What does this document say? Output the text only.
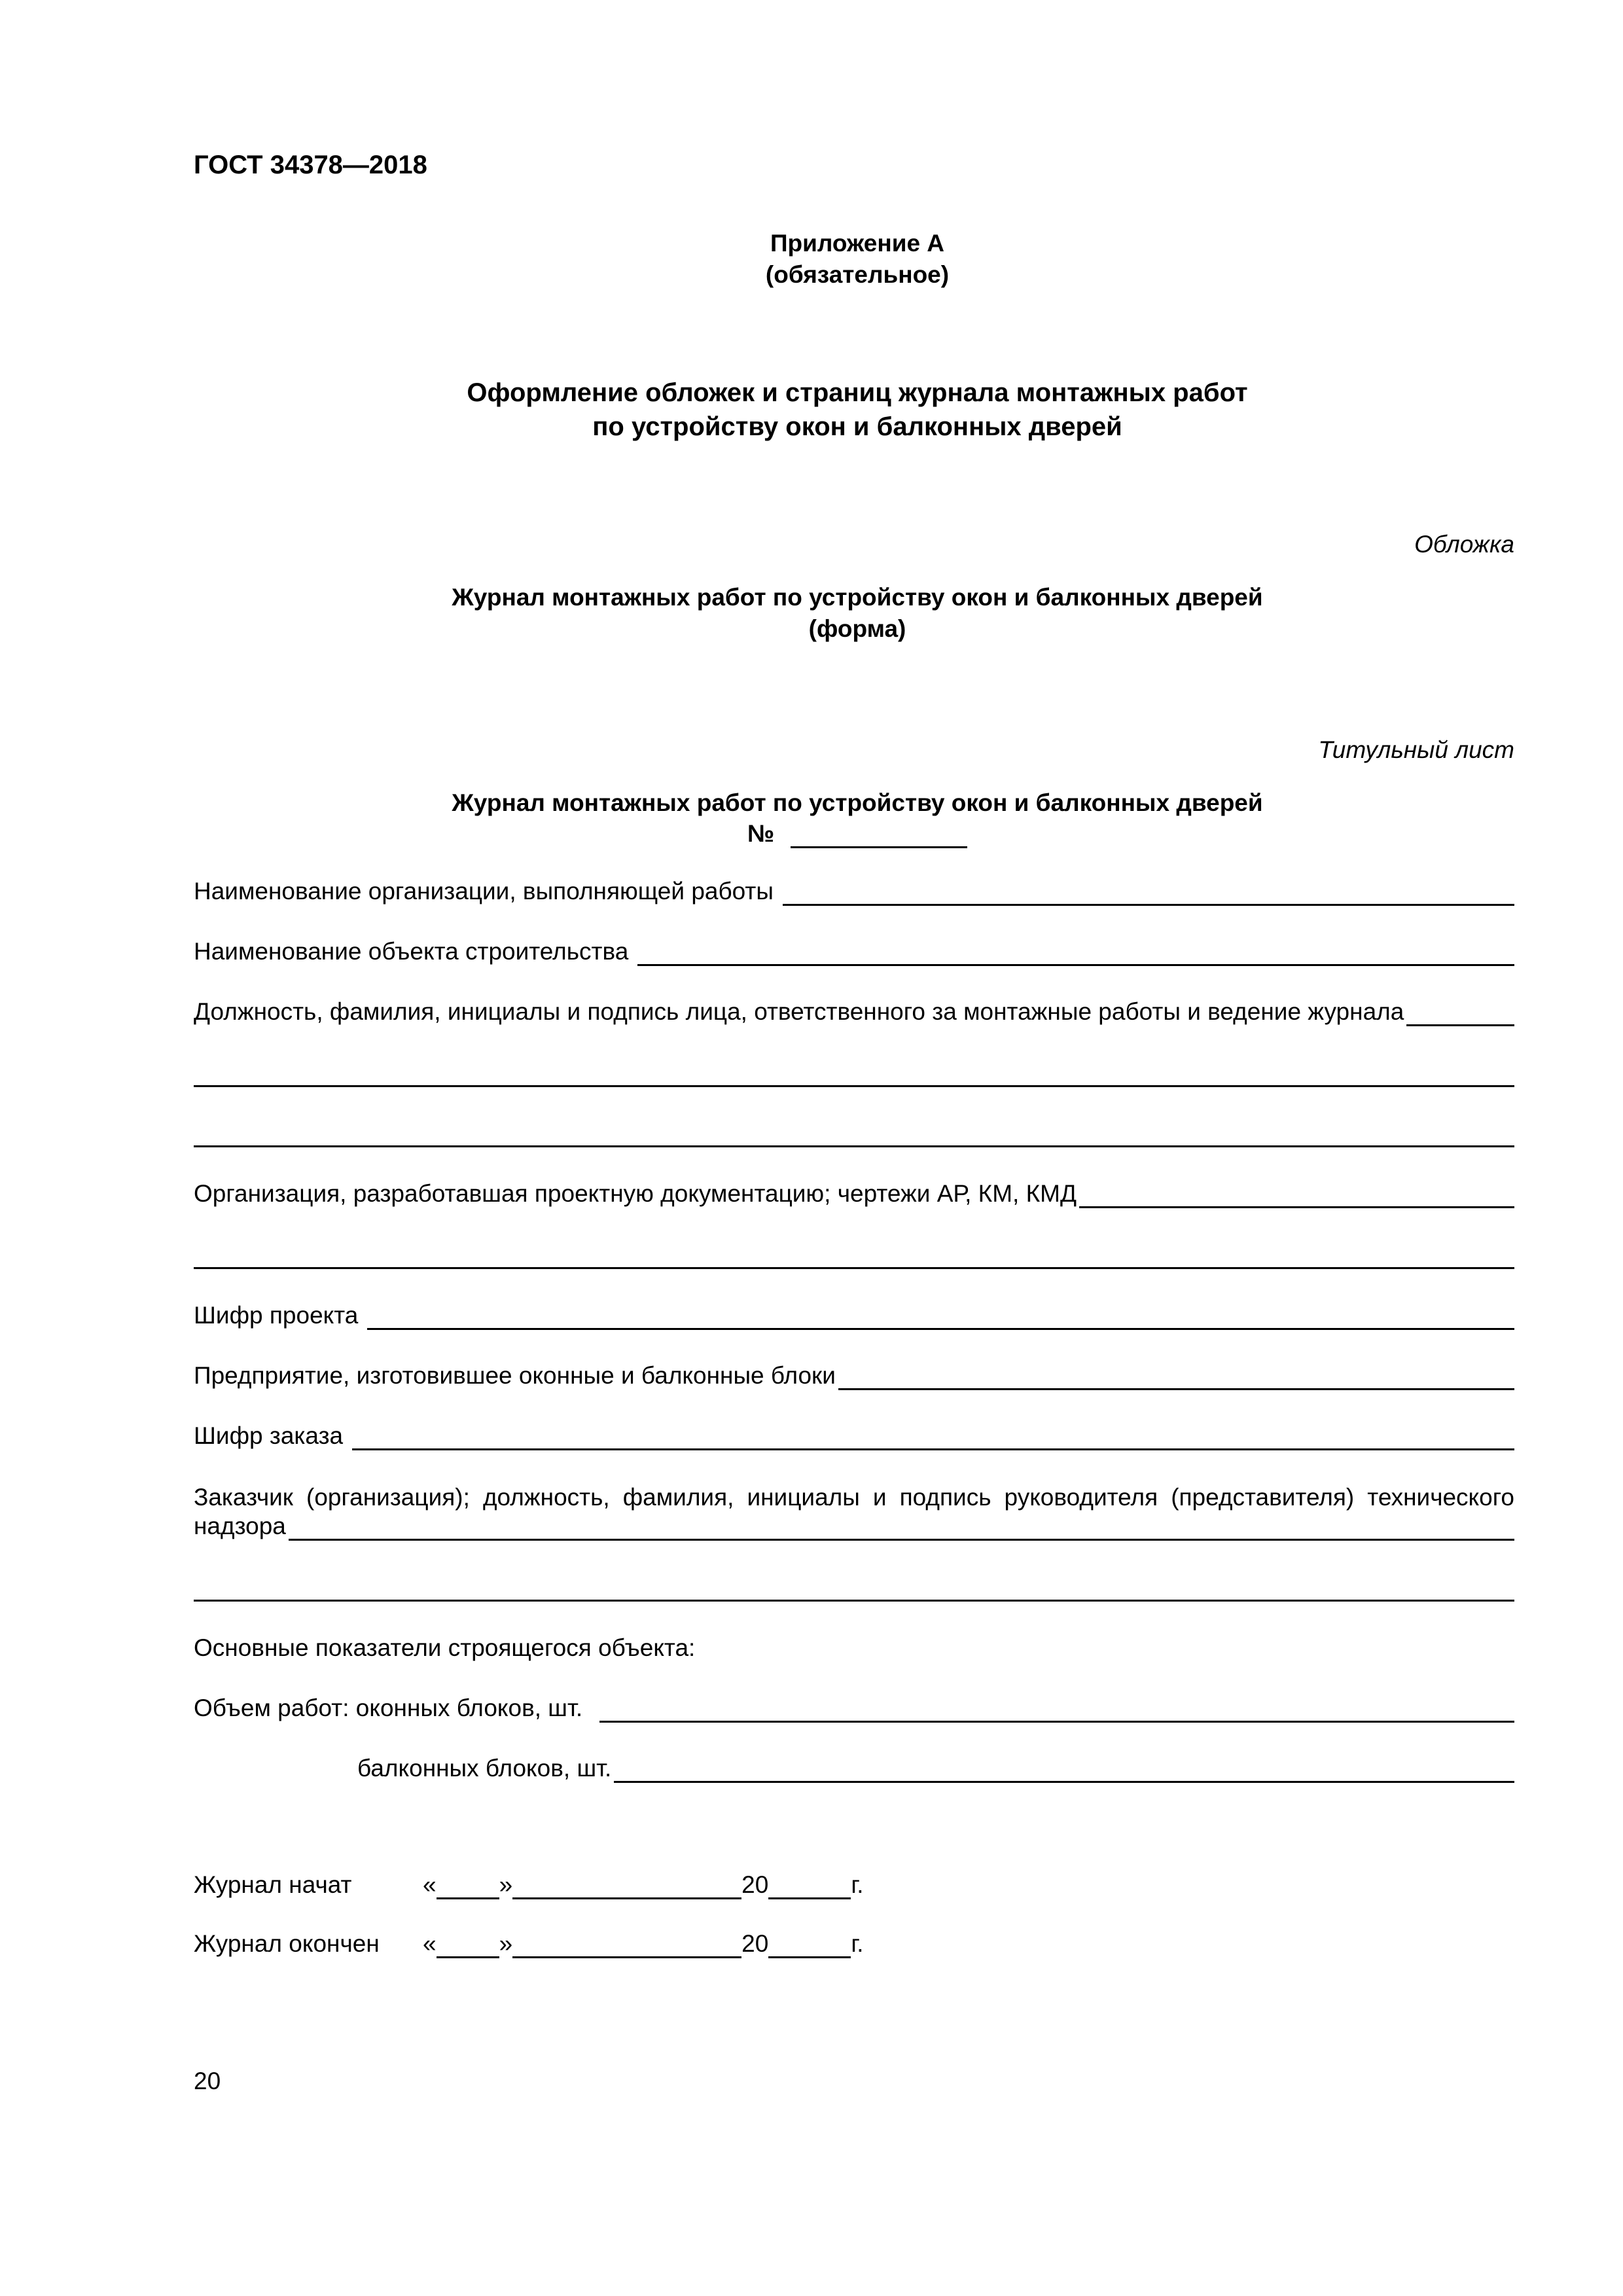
ГОСТ 34378—2018
Приложение А
(обязательное)
Оформление обложек и страниц журнала монтажных работ
по устройству окон и балконных дверей
Обложка
Журнал монтажных работ по устройству окон и балконных дверей
(форма)
Титульный лист
Журнал монтажных работ по устройству окон и балконных дверей
№
Наименование организации, выполняющей работы
Наименование объекта строительства
Должность, фамилия, инициалы и подпись лица, ответственного за монтажные работы и ведение журнала
Организация, разработавшая проектную документацию; чертежи АР, КМ, КМД
Шифр проекта
Предприятие, изготовившее оконные и балконные блоки
Шифр заказа
Заказчик (организация); должность, фамилия, инициалы и подпись руководителя (представителя) технического
надзора
Основные показатели строящегося объекта:
Объем работ: оконных блоков, шт.
балконных блоков, шт.
Журнал начат	«	»	20	г.
Журнал окончен «	»	20	г.
20
